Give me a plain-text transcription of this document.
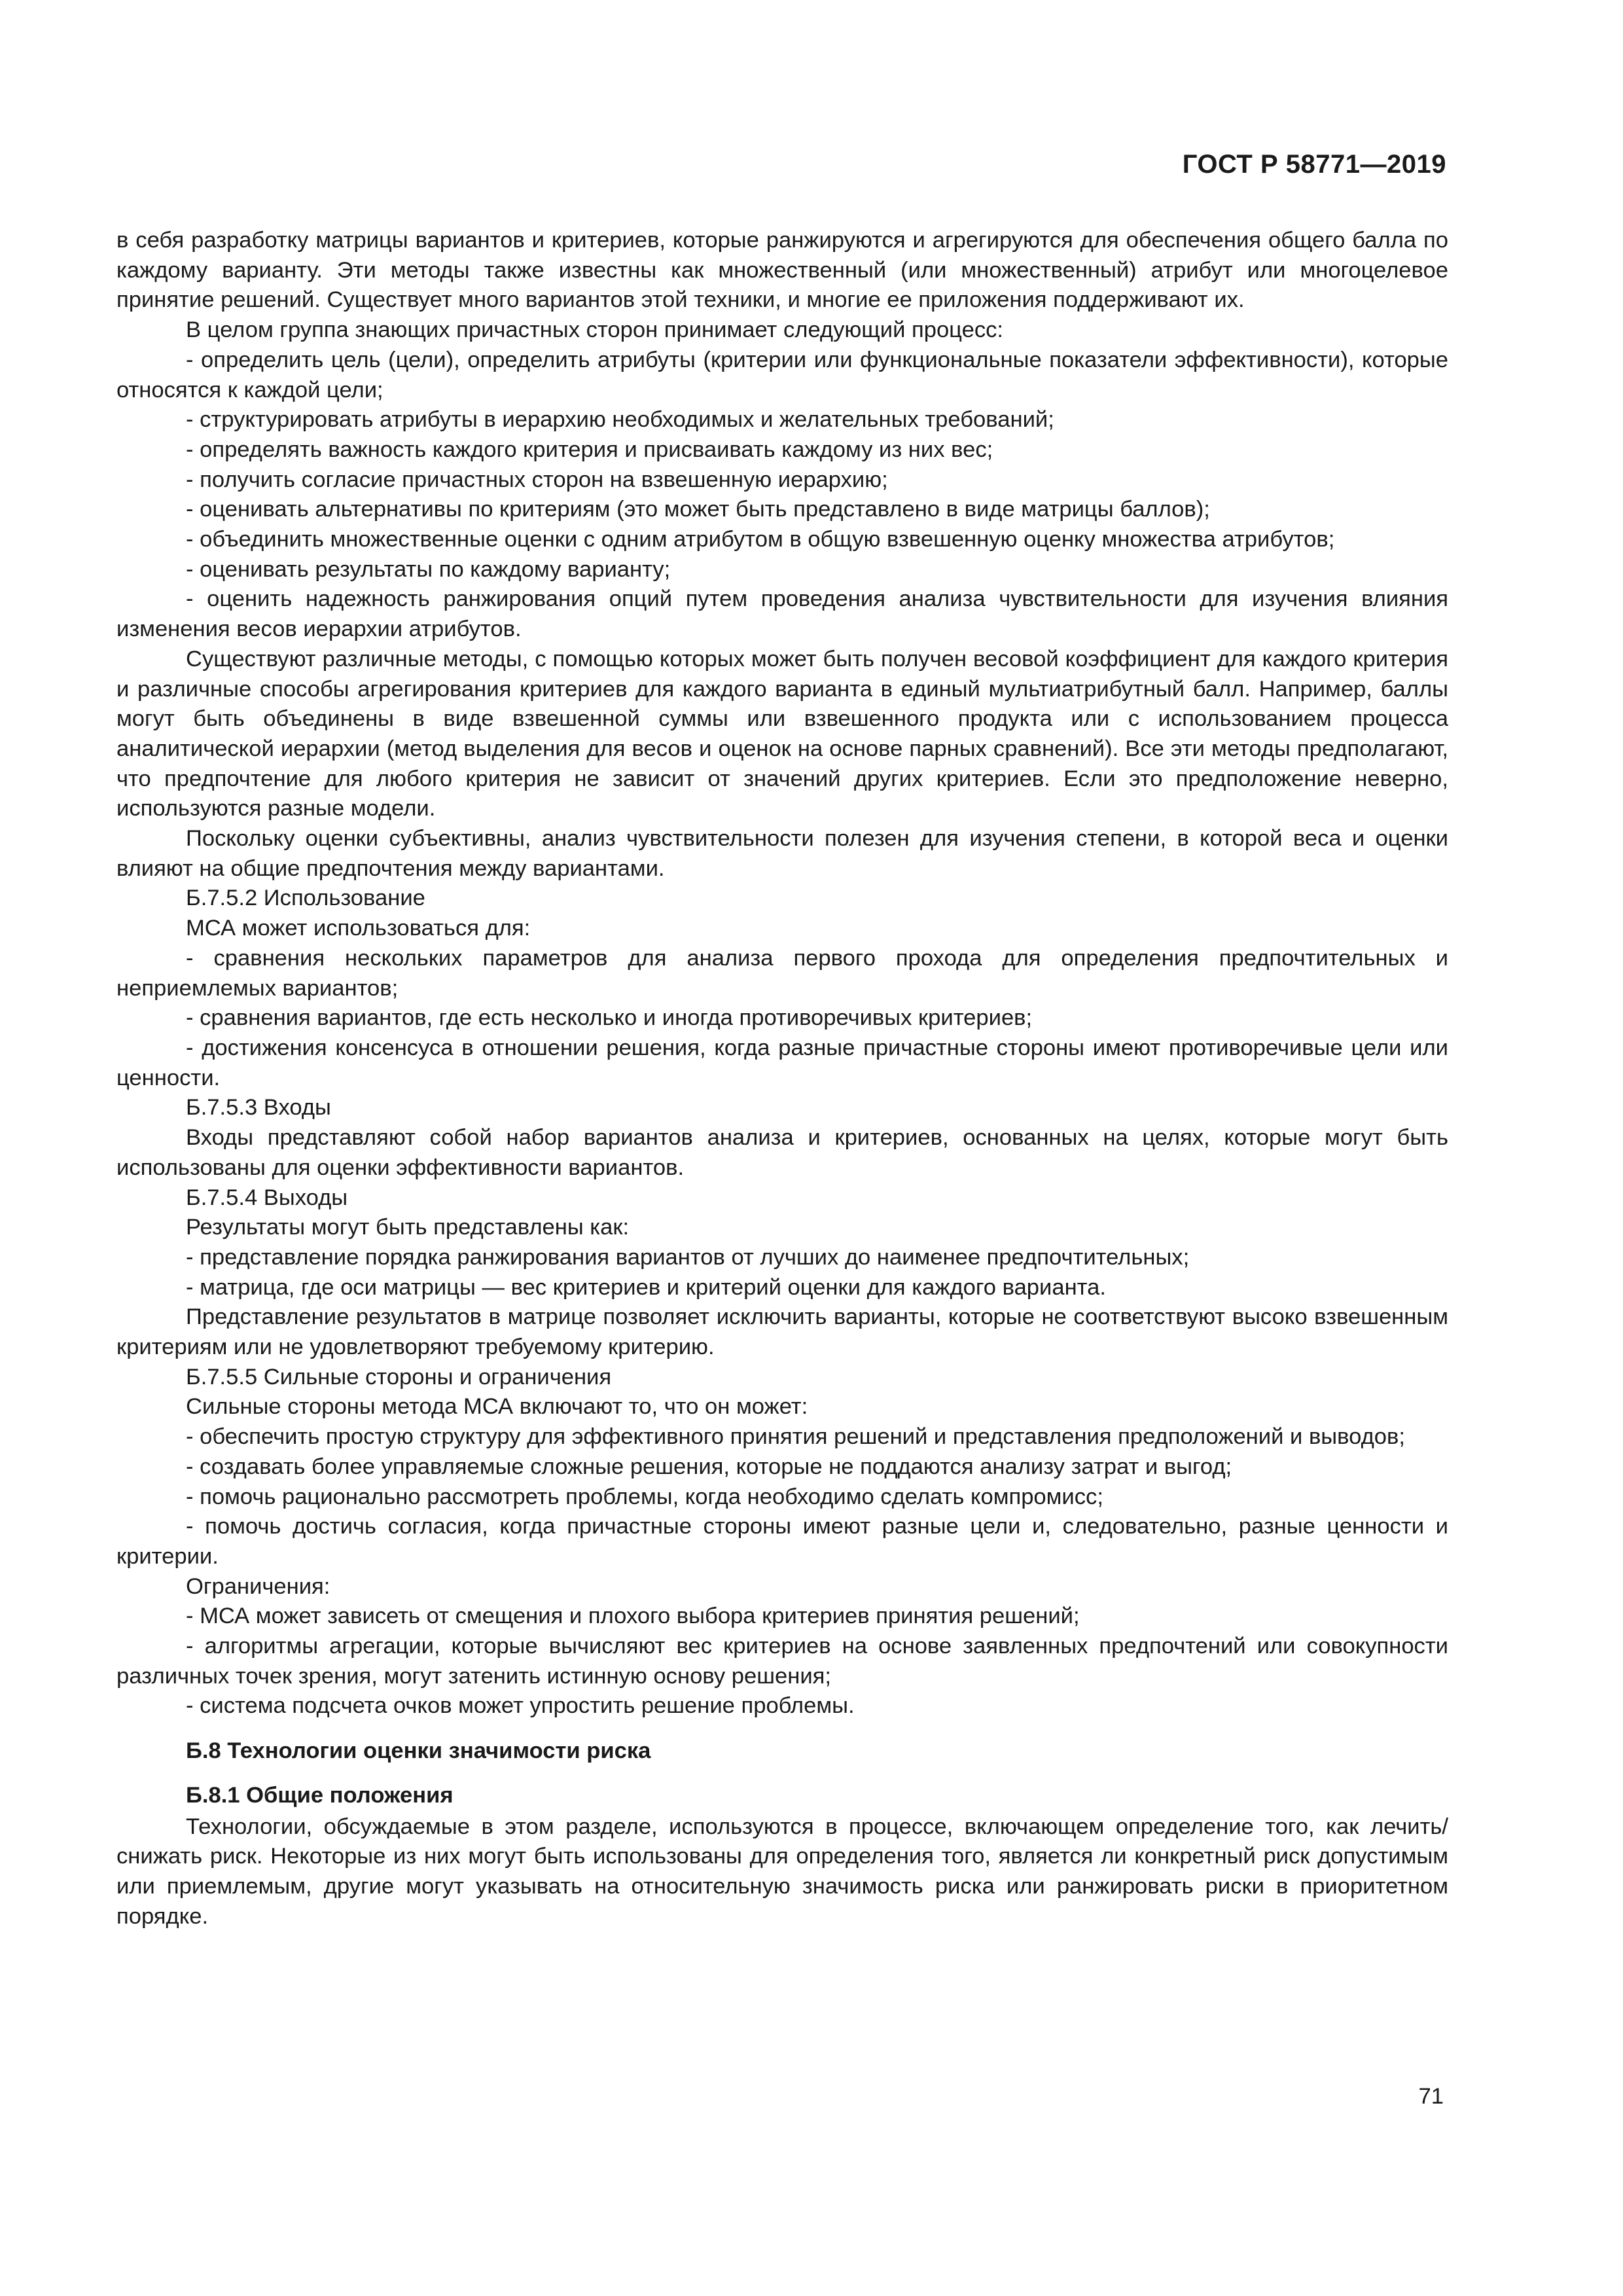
ГОСТ Р 58771—2019

в себя разработку матрицы вариантов и критериев, которые ранжируются и агрегируются для обеспечения общего балла по каждому варианту. Эти методы также известны как множественный (или множественный) атрибут или многоцелевое принятие решений. Существует много вариантов этой техники, и многие ее приложения поддерживают их.

В целом группа знающих причастных сторон принимает следующий процесс:

- определить цель (цели), определить атрибуты (критерии или функциональные показатели эффективности), которые относятся к каждой цели;

- структурировать атрибуты в иерархию необходимых и желательных требований;

- определять важность каждого критерия и присваивать каждому из них вес;

- получить согласие причастных сторон на взвешенную иерархию;

- оценивать альтернативы по критериям (это может быть представлено в виде матрицы баллов);

- объединить множественные оценки с одним атрибутом в общую взвешенную оценку множества атрибутов;

- оценивать результаты по каждому варианту;

- оценить надежность ранжирования опций путем проведения анализа чувствительности для изучения влияния изменения весов иерархии атрибутов.

Существуют различные методы, с помощью которых может быть получен весовой коэффициент для каждого критерия и различные способы агрегирования критериев для каждого варианта в единый мультиатрибутный балл. Например, баллы могут быть объединены в виде взвешенной суммы или взвешенного продукта или с использованием процесса аналитической иерархии (метод выделения для весов и оценок на основе парных сравнений). Все эти методы предполагают, что предпочтение для любого критерия не зависит от значений других критериев. Если это предположение неверно, используются разные модели.

Поскольку оценки субъективны, анализ чувствительности полезен для изучения степени, в которой веса и оценки влияют на общие предпочтения между вариантами.

Б.7.5.2 Использование

МСА может использоваться для:

- сравнения нескольких параметров для анализа первого прохода для определения предпочтительных и неприемлемых вариантов;

- сравнения вариантов, где есть несколько и иногда противоречивых критериев;

- достижения консенсуса в отношении решения, когда разные причастные стороны имеют противоречивые цели или ценности.

Б.7.5.3 Входы

Входы представляют собой набор вариантов анализа и критериев, основанных на целях, которые могут быть использованы для оценки эффективности вариантов.

Б.7.5.4 Выходы

Результаты могут быть представлены как:

- представление порядка ранжирования вариантов от лучших до наименее предпочтительных;

- матрица, где оси матрицы — вес критериев и критерий оценки для каждого варианта.

Представление результатов в матрице позволяет исключить варианты, которые не соответствуют высоко взвешенным критериям или не удовлетворяют требуемому критерию.

Б.7.5.5 Сильные стороны и ограничения

Сильные стороны метода МСА включают то, что он может:

- обеспечить простую структуру для эффективного принятия решений и представления предположений и выводов;

- создавать более управляемые сложные решения, которые не поддаются анализу затрат и выгод;

- помочь рационально рассмотреть проблемы, когда необходимо сделать компромисс;

- помочь достичь согласия, когда причастные стороны имеют разные цели и, следовательно, разные ценности и критерии.

Ограничения:

- МСА может зависеть от смещения и плохого выбора критериев принятия решений;

- алгоритмы агрегации, которые вычисляют вес критериев на основе заявленных предпочтений или совокупности различных точек зрения, могут затенить истинную основу решения;

- система подсчета очков может упростить решение проблемы.

Б.8 Технологии оценки значимости риска

Б.8.1 Общие положения

Технологии, обсуждаемые в этом разделе, используются в процессе, включающем определение того, как лечить/снижать риск. Некоторые из них могут быть использованы для определения того, является ли конкретный риск допустимым или приемлемым, другие могут указывать на относительную значимость риска или ранжировать риски в приоритетном порядке.

71
